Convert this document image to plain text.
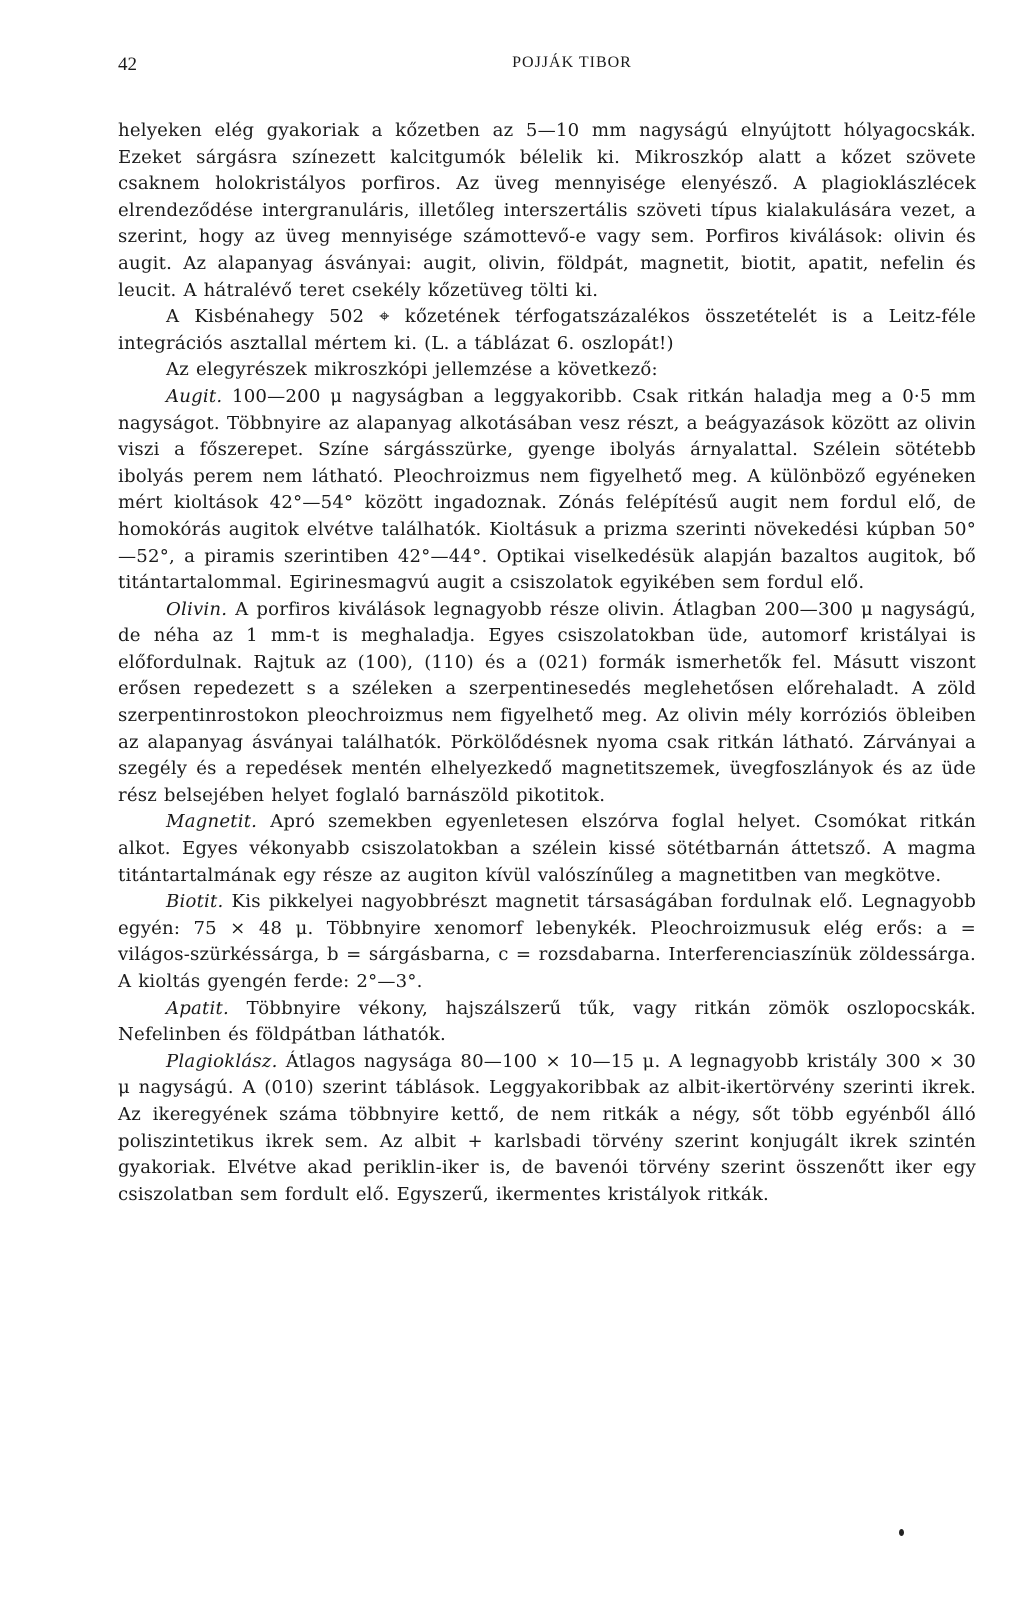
42	POJJÁK TIBOR

helyeken elég gyakoriak a kőzetben az 5—10 mm nagyságú elnyújtott hólyagocskák. Ezeket sárgásra színezett kalcitgumók bélelik ki. Mikroszkóp alatt a kőzet szövete csaknem holokristályos porfiros. Az üveg mennyisége elenyésző. A plagioklászlécek elrendeződése intergranuláris, illetőleg interszertális szöveti típus kialakulására vezet, a szerint, hogy az üveg mennyisége számottevő-e vagy sem. Porfiros kiválások: olivin és augit. Az alapanyag ásványai: augit, olivin, földpát, magnetit, biotit, apatit, nefelin és leucit. A hátralévő teret csekély kőzetüveg tölti ki.

A Kisbénahegy 502 ⌖ kőzetének térfogatszázalékos összetételét is a Leitz-féle integrációs asztallal mértem ki. (L. a táblázat 6. oszlopát!)

Az elegyrészek mikroszkópi jellemzése a következő:

Augit. 100—200 μ nagyságban a leggyakoribb. Csak ritkán haladja meg a 0·5 mm nagyságot. Többnyire az alapanyag alkotásában vesz részt, a beágyazások között az olivin viszi a főszerepet. Színe sárgásszürke, gyenge ibolyás árnyalattal. Szélein sötétebb ibolyás perem nem látható. Pleochroizmus nem figyelhető meg. A különböző egyéneken mért kioltások 42°—54° között ingadoznak. Zónás felépítésű augit nem fordul elő, de homokórás augitok elvétve találhatók. Kioltásuk a prizma szerinti növekedési kúpban 50°—52°, a piramis szerintiben 42°—44°. Optikai viselkedésük alapján bazaltos augitok, bő titántartalommal. Egirinesmagvú augit a csiszolatok egyikében sem fordul elő.

Olivin. A porfiros kiválások legnagyobb része olivin. Átlagban 200—300 μ nagyságú, de néha az 1 mm-t is meghaladja. Egyes csiszolatokban üde, automorf kristályai is előfordulnak. Rajtuk az (100), (110) és a (021) formák ismerhetők fel. Másutt viszont erősen repedezett s a széleken a szerpentinesedés meglehetősen előrehaladt. A zöld szerpentinrostokon pleochroizmus nem figyelhető meg. Az olivin mély korróziós öbleiben az alapanyag ásványai találhatók. Pörkölődésnek nyoma csak ritkán látható. Zárványai a szegély és a repedések mentén elhelyezkedő magnetitszemek, üvegfoszlányok és az üde rész belsejében helyet foglaló barnászöld pikotitok.

Magnetit. Apró szemekben egyenletesen elszórva foglal helyet. Csomókat ritkán alkot. Egyes vékonyabb csiszolatokban a szélein kissé sötétbarnán áttetsző. A magma titántartalmának egy része az augiton kívül valószínűleg a magnetitben van megkötve.

Biotit. Kis pikkelyei nagyobbrészt magnetit társaságában fordulnak elő. Legnagyobb egyén: 75 × 48 μ. Többnyire xenomorf lebenykék. Pleochroizmusuk elég erős: a = világos-szürkéssárga, b = sárgásbarna, c = rozsdabarna. Interferenciaszínük zöldessárga. A kioltás gyengén ferde: 2°—3°.

Apatit. Többnyire vékony, hajszálszerű tűk, vagy ritkán zömök oszlopocskák. Nefelinben és földpátban láthatók.

Plagioklász. Átlagos nagysága 80—100 × 10—15 μ. A legnagyobb kristály 300 × 30 μ nagyságú. A (010) szerint táblások. Leggyakoribbak az albit-ikertörvény szerinti ikrek. Az ikeregyének száma többnyire kettő, de nem ritkák a négy, sőt több egyénből álló poliszintetikus ikrek sem. Az albit + karlsbadi törvény szerint konjugált ikrek szintén gyakoriak. Elvétve akad periklin-iker is, de bavenói törvény szerint összenőtt iker egy csiszolatban sem fordult elő. Egyszerű, ikermentes kristályok ritkák.
